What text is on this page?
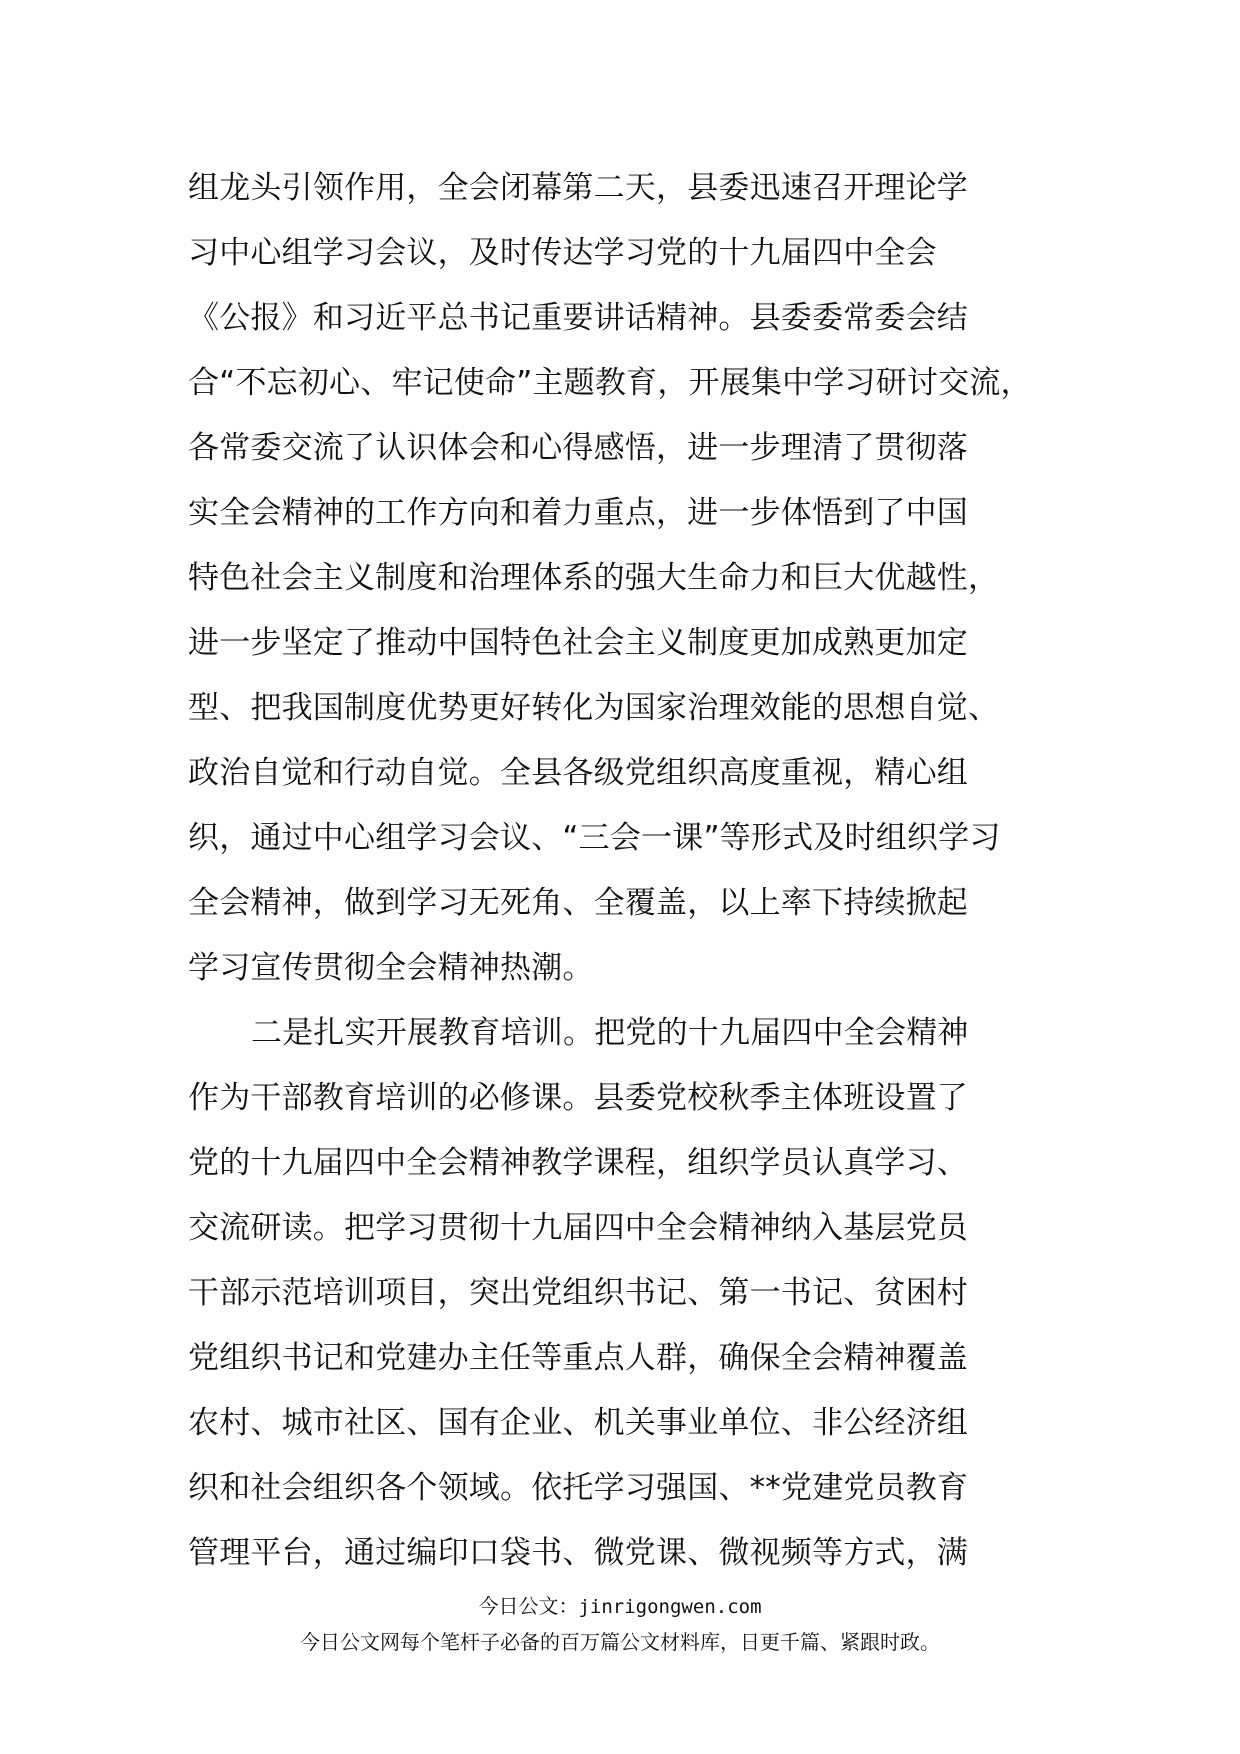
组龙头引领作用，全会闭幕第二天，县委迅速召开理论学
习中心组学习会议，及时传达学习党的十九届四中全会
《公报》和习近平总书记重要讲话精神。县委委常委会结
合“不忘初心、牢记使命”主题教育，开展集中学习研讨交流，
各常委交流了认识体会和心得感悟，进一步理清了贯彻落
实全会精神的工作方向和着力重点，进一步体悟到了中国
特色社会主义制度和治理体系的强大生命力和巨大优越性，
进一步坚定了推动中国特色社会主义制度更加成熟更加定
型、把我国制度优势更好转化为国家治理效能的思想自觉、
政治自觉和行动自觉。全县各级党组织高度重视，精心组
织，通过中心组学习会议、“三会一课”等形式及时组织学习
全会精神，做到学习无死角、全覆盖，以上率下持续掀起
学习宣传贯彻全会精神热潮。
二是扎实开展教育培训。把党的十九届四中全会精神
作为干部教育培训的必修课。县委党校秋季主体班设置了
党的十九届四中全会精神教学课程，组织学员认真学习、
交流研读。把学习贯彻十九届四中全会精神纳入基层党员
干部示范培训项目，突出党组织书记、第一书记、贫困村
党组织书记和党建办主任等重点人群，确保全会精神覆盖
农村、城市社区、国有企业、机关事业单位、非公经济组
织和社会组织各个领域。依托学习强国、**党建党员教育
管理平台，通过编印口袋书、微党课、微视频等方式，满
今日公文：jinrigongwen.com
今日公文网每个笔杆子必备的百万篇公文材料库，日更千篇、紧跟时政。
